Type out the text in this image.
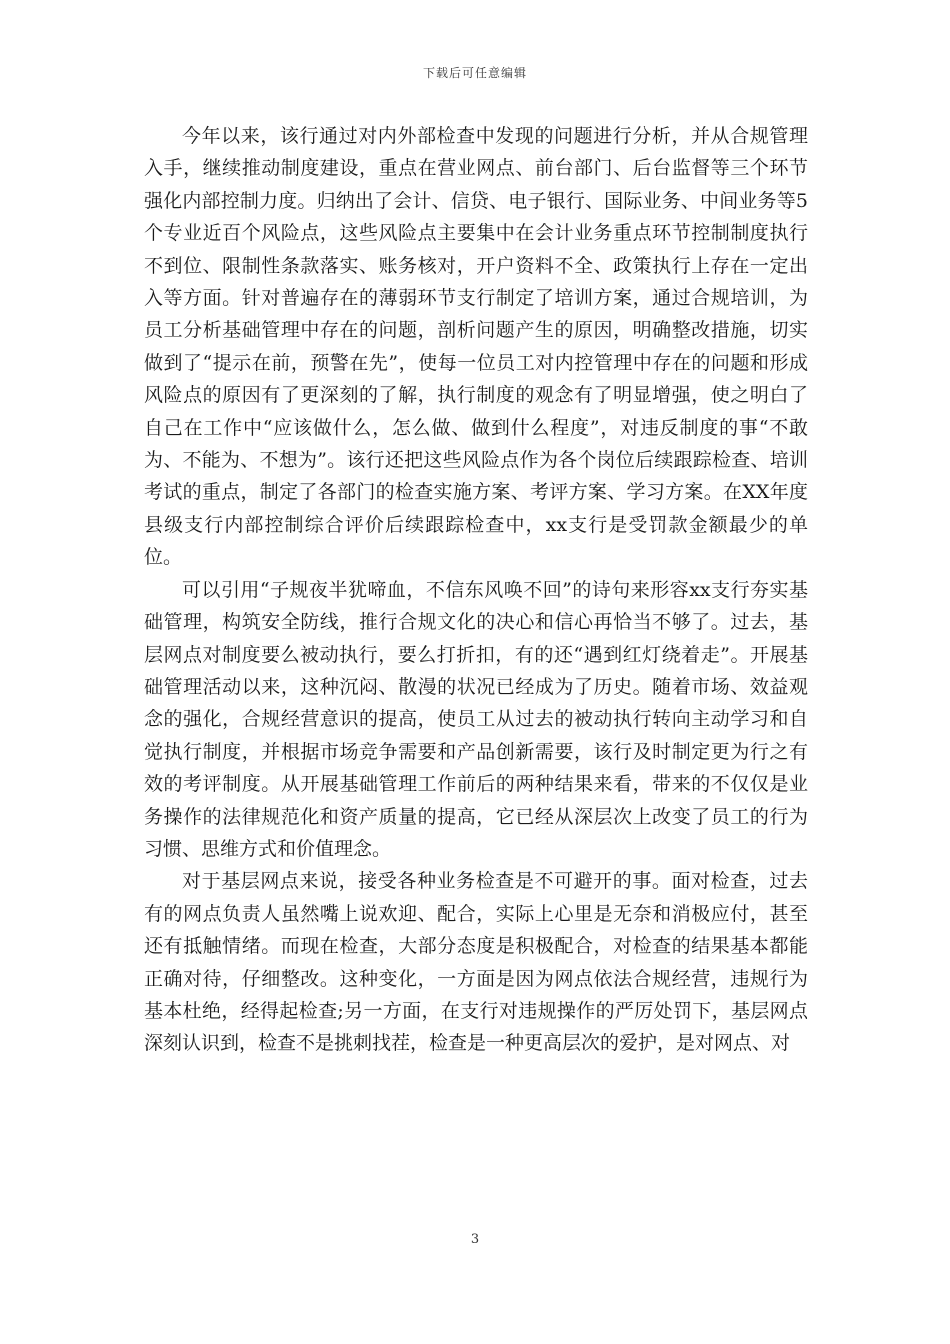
下载后可任意编辑

今年以来，该行通过对内外部检查中发现的问题进行分析，并从合规管理入手，继续推动制度建设，重点在营业网点、前台部门、后台监督等三个环节强化内部控制力度。归纳出了会计、信贷、电子银行、国际业务、中间业务等5个专业近百个风险点，这些风险点主要集中在会计业务重点环节控制制度执行不到位、限制性条款落实、账务核对，开户资料不全、政策执行上存在一定出入等方面。针对普遍存在的薄弱环节支行制定了培训方案，通过合规培训，为员工分析基础管理中存在的问题，剖析问题产生的原因，明确整改措施，切实做到了“提示在前，预警在先”，使每一位员工对内控管理中存在的问题和形成风险点的原因有了更深刻的了解，执行制度的观念有了明显增强，使之明白了自己在工作中“应该做什么，怎么做、做到什么程度”，对违反制度的事“不敢为、不能为、不想为”。该行还把这些风险点作为各个岗位后续跟踪检查、培训考试的重点，制定了各部门的检查实施方案、考评方案、学习方案。在XX年度县级支行内部控制综合评价后续跟踪检查中，xx支行是受罚款金额最少的单位。

可以引用“子规夜半犹啼血，不信东风唤不回”的诗句来形容xx支行夯实基础管理，构筑安全防线，推行合规文化的决心和信心再恰当不够了。过去，基层网点对制度要么被动执行，要么打折扣，有的还“遇到红灯绕着走”。开展基础管理活动以来，这种沉闷、散漫的状况已经成为了历史。随着市场、效益观念的强化，合规经营意识的提高，使员工从过去的被动执行转向主动学习和自觉执行制度，并根据市场竞争需要和产品创新需要，该行及时制定更为行之有效的考评制度。从开展基础管理工作前后的两种结果来看，带来的不仅仅是业务操作的法律规范化和资产质量的提高，它已经从深层次上改变了员工的行为习惯、思维方式和价值理念。

对于基层网点来说，接受各种业务检查是不可避开的事。面对检查，过去有的网点负责人虽然嘴上说欢迎、配合，实际上心里是无奈和消极应付，甚至还有抵触情绪。而现在检查，大部分态度是积极配合，对检查的结果基本都能正确对待，仔细整改。这种变化，一方面是因为网点依法合规经营，违规行为基本杜绝，经得起检查;另一方面，在支行对违规操作的严厉处罚下，基层网点深刻认识到，检查不是挑刺找茬，检查是一种更高层次的爱护，是对网点、对

3
